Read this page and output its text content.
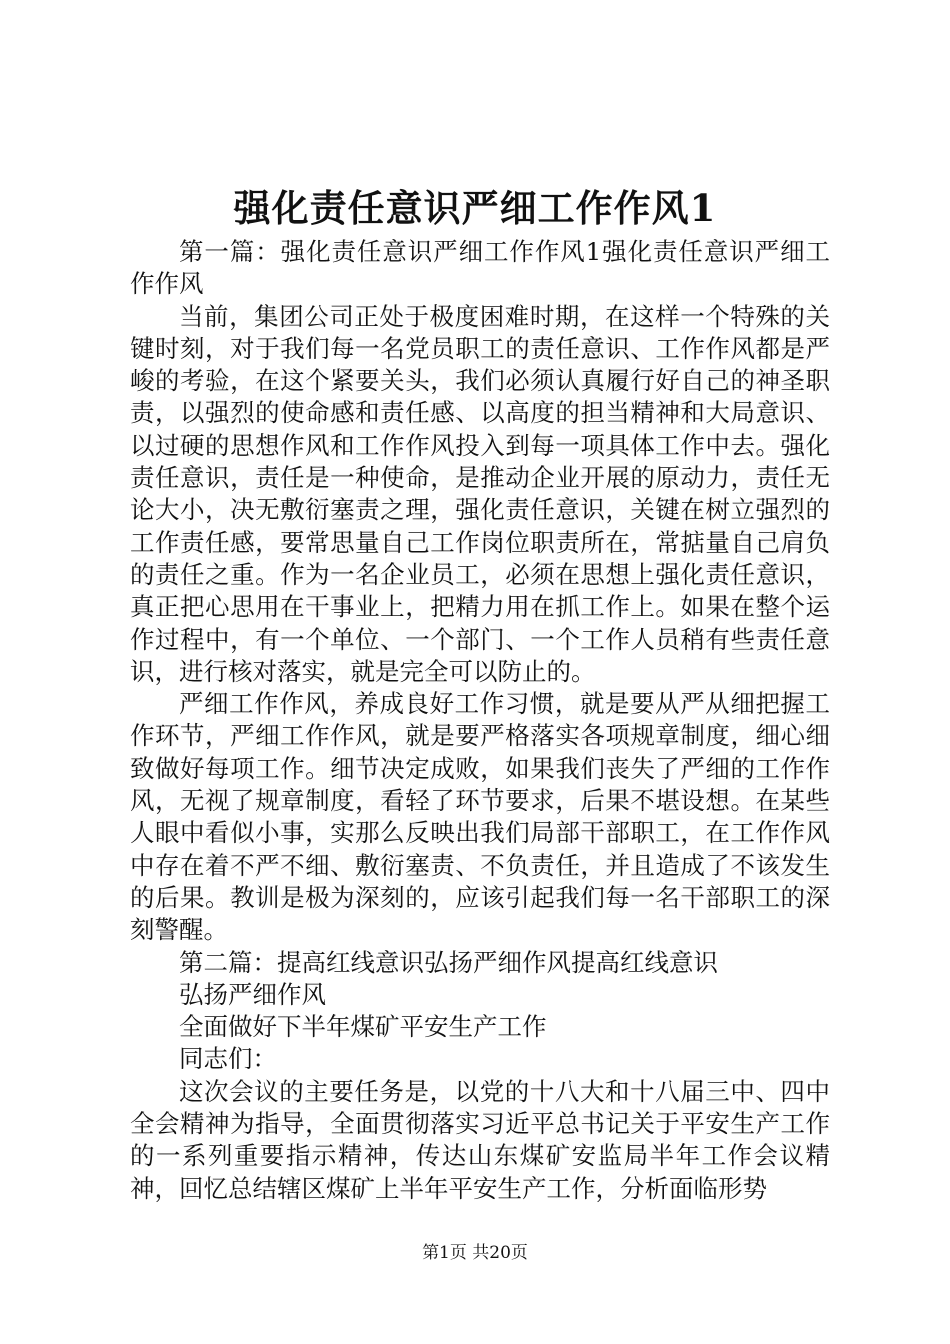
强化责任意识严细工作作风1

第一篇：强化责任意识严细工作作风1强化责任意识严细工作作风

当前，集团公司正处于极度困难时期，在这样一个特殊的关键时刻，对于我们每一名党员职工的责任意识、工作作风都是严峻的考验，在这个紧要关头，我们必须认真履行好自己的神圣职责，以强烈的使命感和责任感、以高度的担当精神和大局意识、以过硬的思想作风和工作作风投入到每一项具体工作中去。强化责任意识，责任是一种使命，是推动企业开展的原动力，责任无论大小，决无敷衍塞责之理，强化责任意识，关键在树立强烈的工作责任感，要常思量自己工作岗位职责所在，常掂量自己肩负的责任之重。作为一名企业员工，必须在思想上强化责任意识，真正把心思用在干事业上，把精力用在抓工作上。如果在整个运作过程中，有一个单位、一个部门、一个工作人员稍有些责任意识，进行核对落实，就是完全可以防止的。

严细工作作风，养成良好工作习惯，就是要从严从细把握工作环节，严细工作作风，就是要严格落实各项规章制度，细心细致做好每项工作。细节决定成败，如果我们丧失了严细的工作作风，无视了规章制度，看轻了环节要求，后果不堪设想。在某些人眼中看似小事，实那么反映出我们局部干部职工，在工作作风中存在着不严不细、敷衍塞责、不负责任，并且造成了不该发生的后果。教训是极为深刻的，应该引起我们每一名干部职工的深刻警醒。

第二篇：提高红线意识弘扬严细作风提高红线意识

弘扬严细作风

全面做好下半年煤矿平安生产工作

同志们：

这次会议的主要任务是，以党的十八大和十八届三中、四中全会精神为指导，全面贯彻落实习近平总书记关于平安生产工作的一系列重要指示精神，传达山东煤矿安监局半年工作会议精神，回忆总结辖区煤矿上半年平安生产工作，分析面临形势

第1页 共20页
